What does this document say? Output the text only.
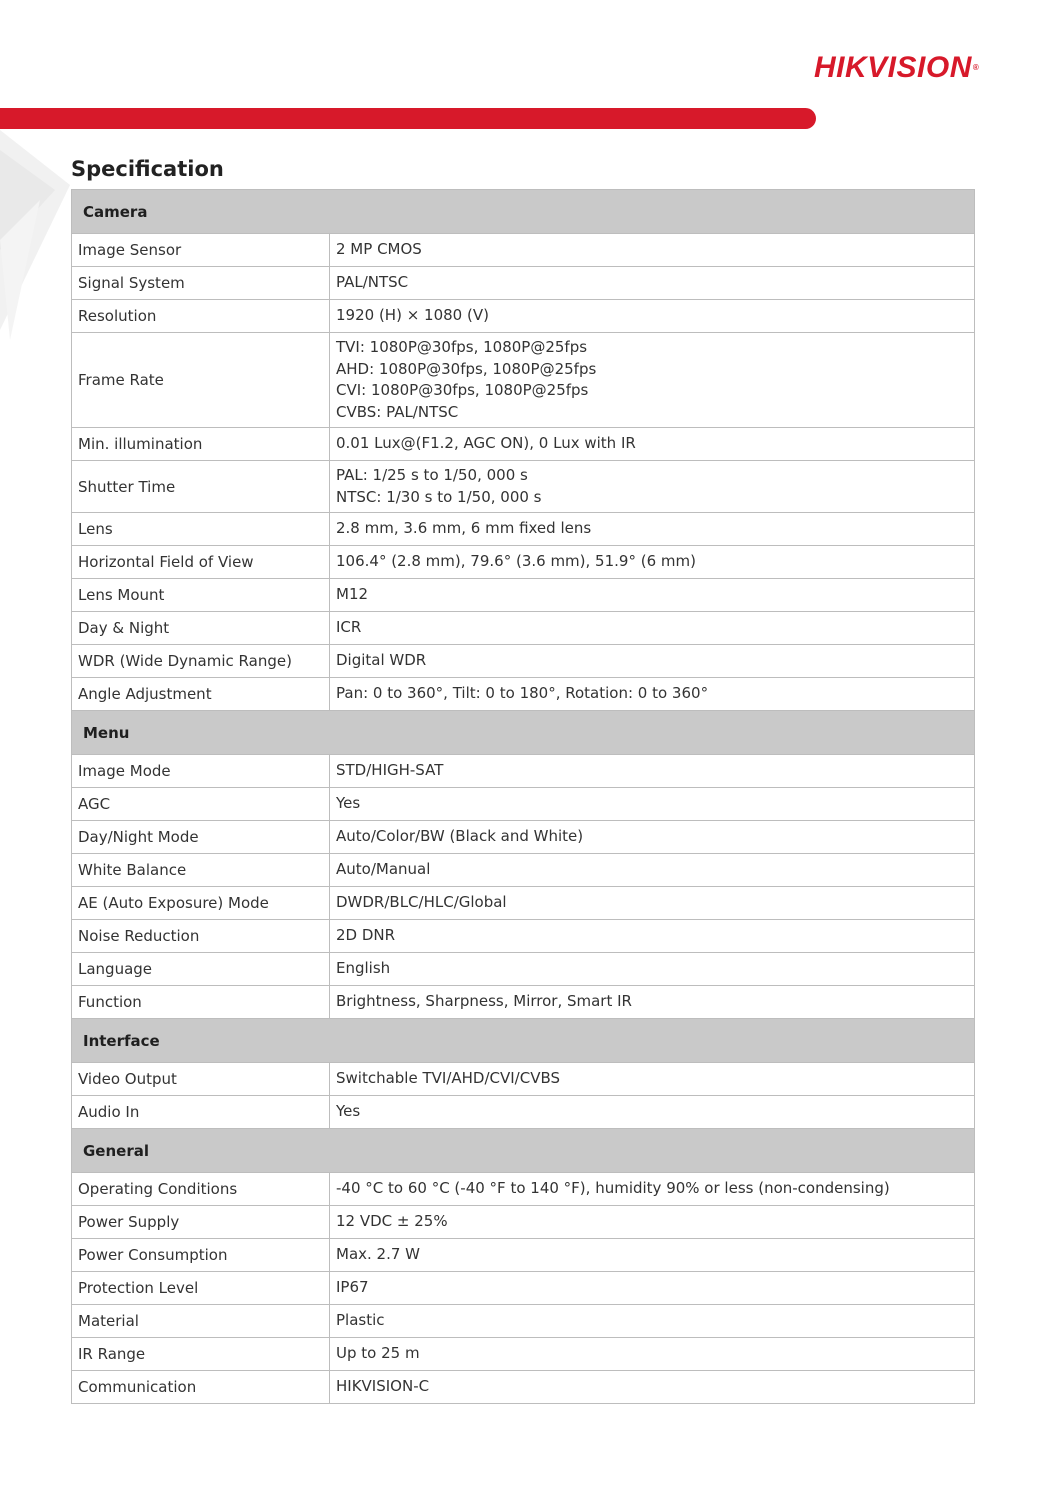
HIKVISION®
Specification
Camera	
Image Sensor	2 MP CMOS

Signal System	PAL/NTSC

Resolution	1920 (H) × 1080 (V)

Frame Rate	TVI: 1080P@30fps, 1080P@25fps
AHD: 1080P@30fps, 1080P@25fps
CVI: 1080P@30fps, 1080P@25fps
CVBS: PAL/NTSC

Min. illumination	0.01 Lux@(F1.2, AGC ON), 0 Lux with IR

Shutter Time	PAL: 1/25 s to 1/50, 000 s
NTSC: 1/30 s to 1/50, 000 s

Lens	2.8 mm, 3.6 mm, 6 mm fixed lens

Horizontal Field of View	106.4° (2.8 mm), 79.6° (3.6 mm), 51.9° (6 mm)

Lens Mount	M12

Day & Night	ICR

WDR (Wide Dynamic Range)	Digital WDR

Angle Adjustment	Pan: 0 to 360°, Tilt: 0 to 180°, Rotation: 0 to 360°

Menu	
Image Mode	STD/HIGH-SAT

AGC	Yes

Day/Night Mode	Auto/Color/BW (Black and White)

White Balance	Auto/Manual

AE (Auto Exposure) Mode	DWDR/BLC/HLC/Global

Noise Reduction	2D DNR

Language	English

Function	Brightness, Sharpness, Mirror, Smart IR

Interface	
Video Output	Switchable TVI/AHD/CVI/CVBS

Audio In	Yes

General	
Operating Conditions	-40 °C to 60 °C (-40 °F to 140 °F), humidity 90% or less (non-condensing)

Power Supply	12 VDC ± 25%

Power Consumption	Max. 2.7 W

Protection Level	IP67

Material	Plastic

IR Range	Up to 25 m

Communication	HIKVISION-C
